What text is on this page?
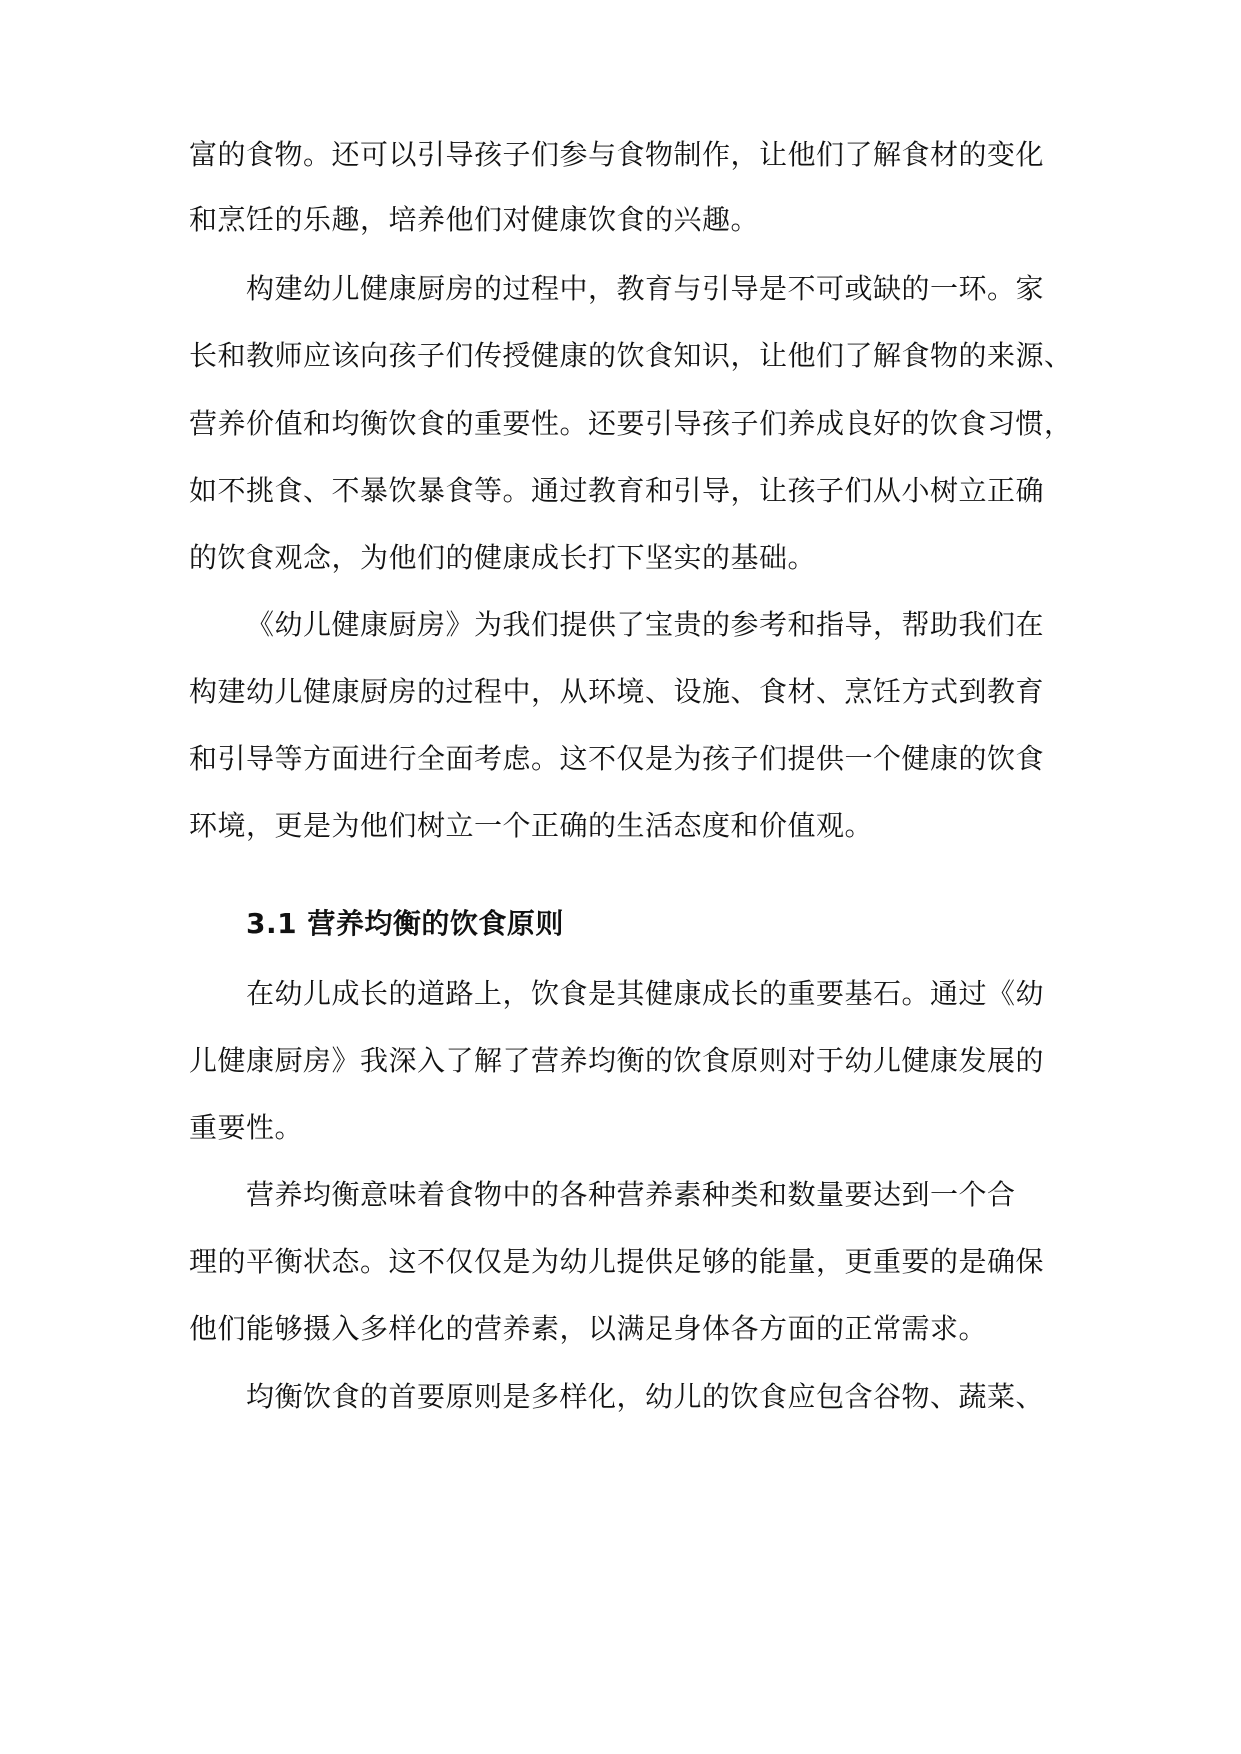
富的食物。还可以引导孩子们参与食物制作，让他们了解食材的变化
和烹饪的乐趣，培养他们对健康饮食的兴趣。
构建幼儿健康厨房的过程中，教育与引导是不可或缺的一环。家
长和教师应该向孩子们传授健康的饮食知识，让他们了解食物的来源、
营养价值和均衡饮食的重要性。还要引导孩子们养成良好的饮食习惯，
如不挑食、不暴饮暴食等。通过教育和引导，让孩子们从小树立正确
的饮食观念，为他们的健康成长打下坚实的基础。
《幼儿健康厨房》为我们提供了宝贵的参考和指导，帮助我们在
构建幼儿健康厨房的过程中，从环境、设施、食材、烹饪方式到教育
和引导等方面进行全面考虑。这不仅是为孩子们提供一个健康的饮食
环境，更是为他们树立一个正确的生活态度和价值观。
3.1 营养均衡的饮食原则
在幼儿成长的道路上，饮食是其健康成长的重要基石。通过《幼
儿健康厨房》我深入了解了营养均衡的饮食原则对于幼儿健康发展的
重要性。
营养均衡意味着食物中的各种营养素种类和数量要达到一个合
理的平衡状态。这不仅仅是为幼儿提供足够的能量，更重要的是确保
他们能够摄入多样化的营养素，以满足身体各方面的正常需求。
均衡饮食的首要原则是多样化，幼儿的饮食应包含谷物、蔬菜、
